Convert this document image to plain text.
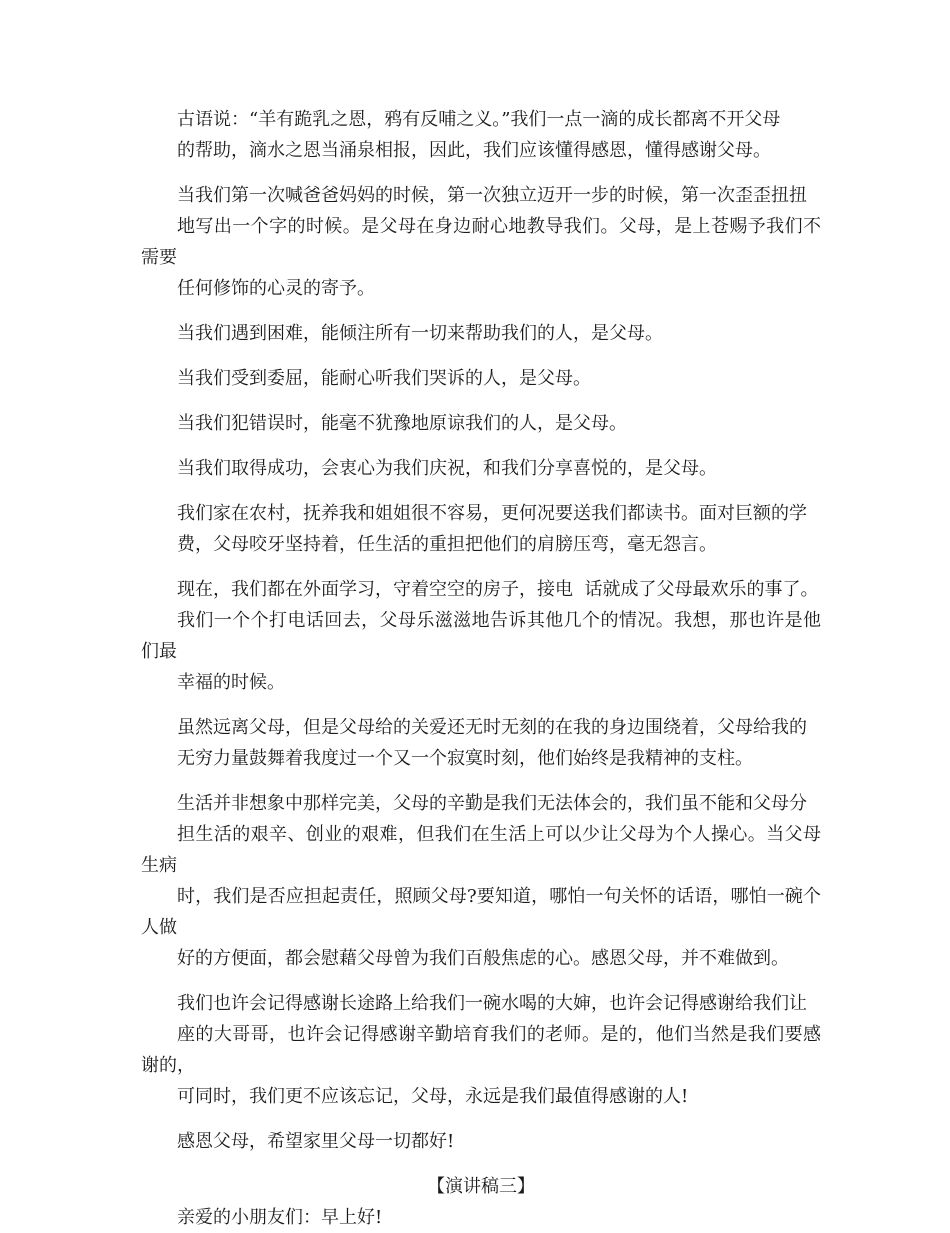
古语说：“羊有跪乳之恩，鸦有反哺之义。”我们一点一滴的成长都离不开父母
的帮助，滴水之恩当涌泉相报，因此，我们应该懂得感恩，懂得感谢父母。
当我们第一次喊爸爸妈妈的时候，第一次独立迈开一步的时候，第一次歪歪扭扭
地写出一个字的时候。是父母在身边耐心地教导我们。父母，是上苍赐予我们不需要
任何修饰的心灵的寄予。
当我们遇到困难，能倾注所有一切来帮助我们的人，是父母。
当我们受到委屈，能耐心听我们哭诉的人，是父母。
当我们犯错误时，能毫不犹豫地原谅我们的人，是父母。
当我们取得成功，会衷心为我们庆祝，和我们分享喜悦的，是父母。
我们家在农村，抚养我和姐姐很不容易，更何况要送我们都读书。面对巨额的学
费，父母咬牙坚持着，任生活的重担把他们的肩膀压弯，毫无怨言。
现在，我们都在外面学习，守着空空的房子，接电  话就成了父母最欢乐的事了。
我们一个个打电话回去，父母乐滋滋地告诉其他几个的情况。我想，那也许是他们最
幸福的时候。
虽然远离父母，但是父母给的关爱还无时无刻的在我的身边围绕着，父母给我的
无穷力量鼓舞着我度过一个又一个寂寞时刻，他们始终是我精神的支柱。
生活并非想象中那样完美，父母的辛勤是我们无法体会的，我们虽不能和父母分
担生活的艰辛、创业的艰难，但我们在生活上可以少让父母为个人操心。当父母生病
时，我们是否应担起责任，照顾父母?要知道，哪怕一句关怀的话语，哪怕一碗个人做
好的方便面，都会慰藉父母曾为我们百般焦虑的心。感恩父母，并不难做到。
我们也许会记得感谢长途路上给我们一碗水喝的大婶，也许会记得感谢给我们让
座的大哥哥，也许会记得感谢辛勤培育我们的老师。是的，他们当然是我们要感谢的，
可同时，我们更不应该忘记，父母，永远是我们最值得感谢的人!
感恩父母，希望家里父母一切都好!
【演讲稿三】
亲爱的小朋友们：早上好!
